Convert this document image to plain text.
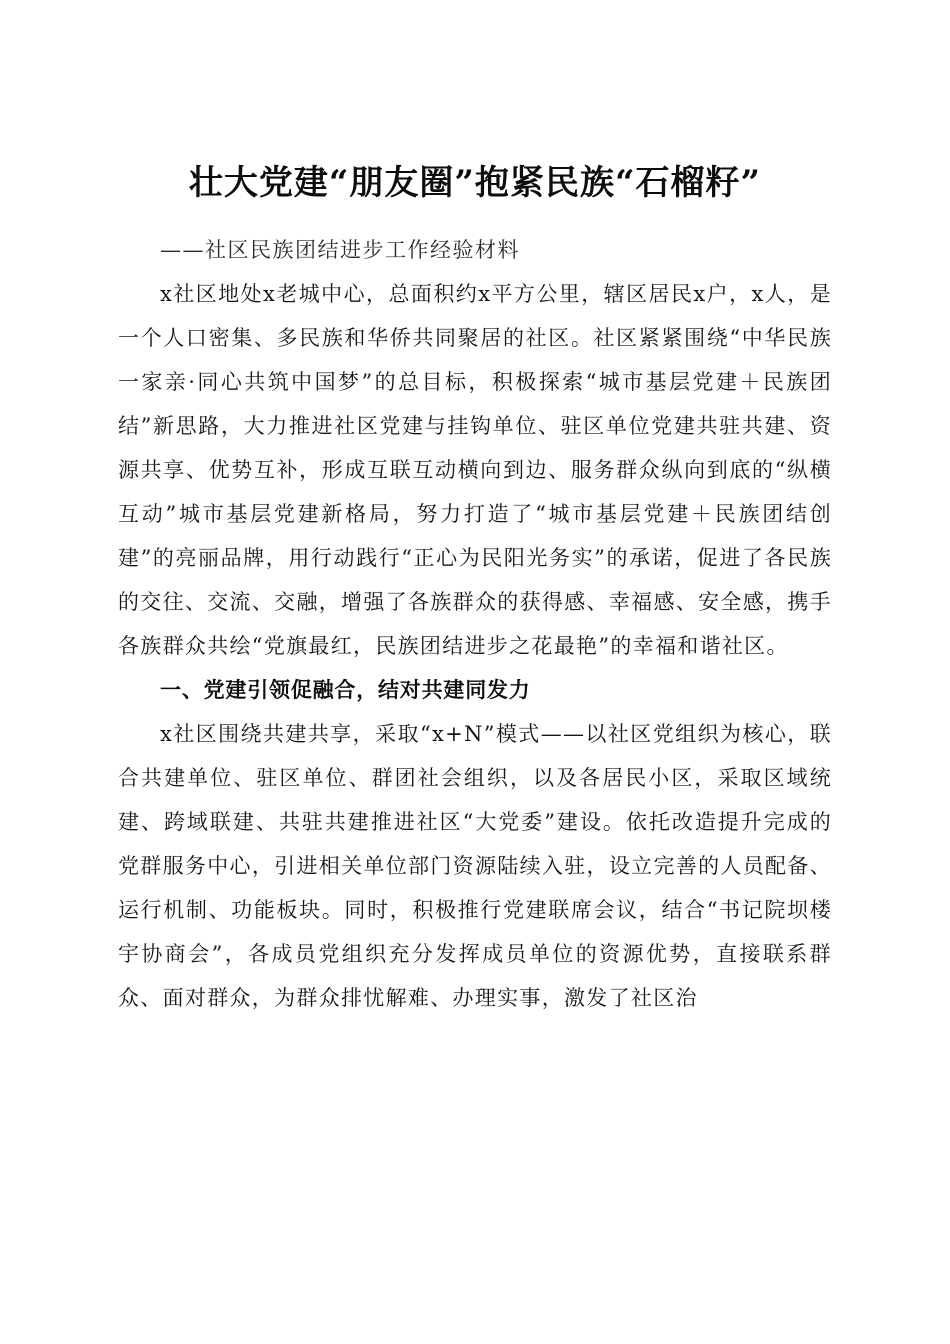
壮大党建“朋友圈”抱紧民族“石榴籽”

——社区民族团结进步工作经验材料

x社区地处x老城中心，总面积约x平方公里，辖区居民x户，x人，是一个人口密集、多民族和华侨共同聚居的社区。社区紧紧围绕“中华民族一家亲·同心共筑中国梦”的总目标，积极探索“城市基层党建＋民族团结”新思路，大力推进社区党建与挂钩单位、驻区单位党建共驻共建、资源共享、优势互补，形成互联互动横向到边、服务群众纵向到底的“纵横互动”城市基层党建新格局，努力打造了“城市基层党建＋民族团结创建”的亮丽品牌，用行动践行“正心为民阳光务实”的承诺，促进了各民族的交往、交流、交融，增强了各族群众的获得感、幸福感、安全感，携手各族群众共绘“党旗最红，民族团结进步之花最艳”的幸福和谐社区。

一、党建引领促融合，结对共建同发力

x社区围绕共建共享，采取“x+N”模式——以社区党组织为核心，联合共建单位、驻区单位、群团社会组织，以及各居民小区，采取区域统建、跨域联建、共驻共建推进社区“大党委”建设。依托改造提升完成的党群服务中心，引进相关单位部门资源陆续入驻，设立完善的人员配备、运行机制、功能板块。同时，积极推行党建联席会议，结合“书记院坝楼宇协商会”，各成员党组织充分发挥成员单位的资源优势，直接联系群众、面对群众，为群众排忧解难、办理实事，激发了社区治
